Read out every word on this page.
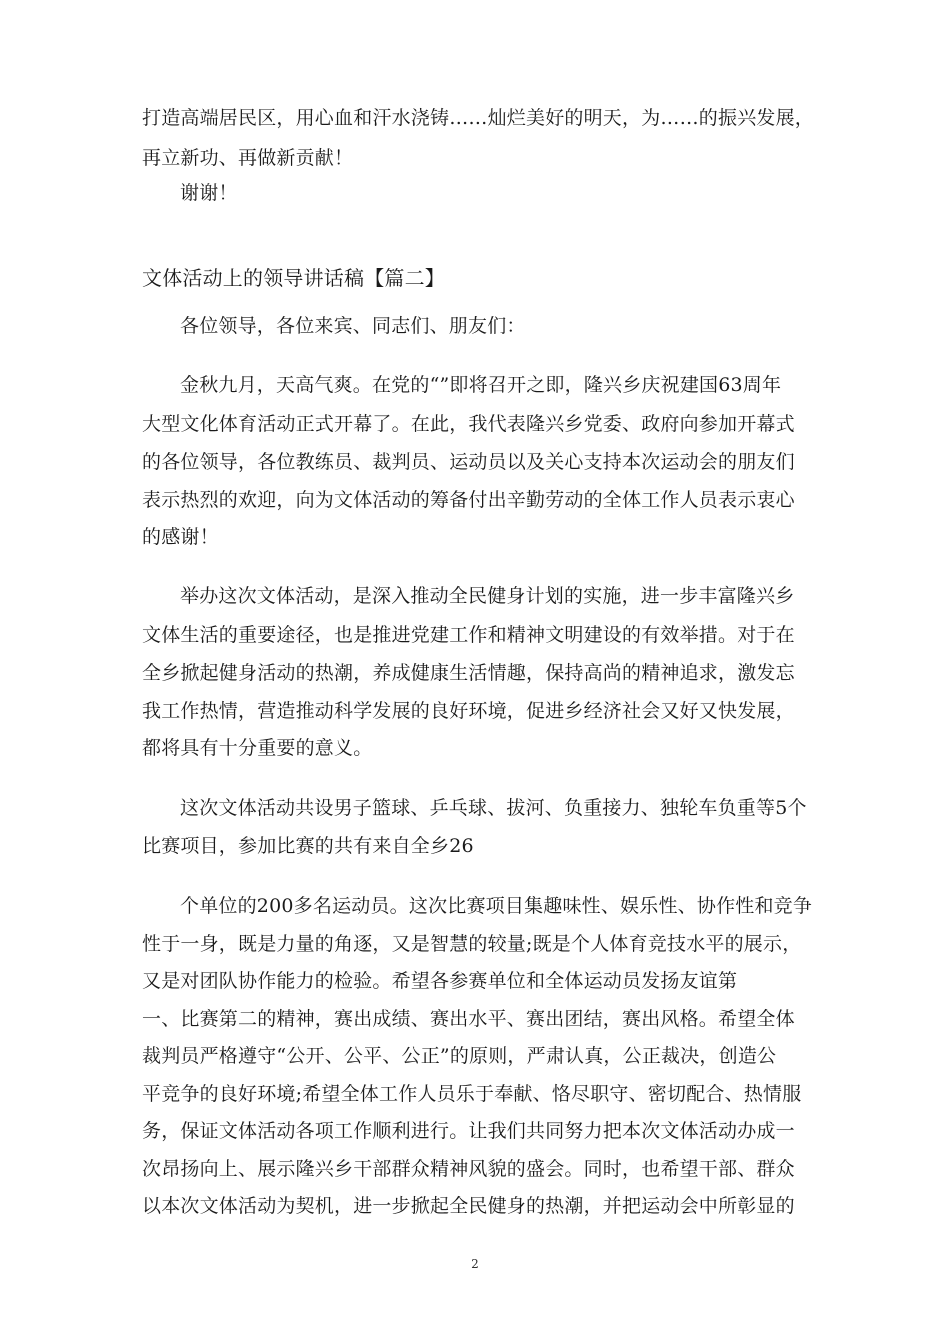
打造高端居民区，用心血和汗水浇铸……灿烂美好的明天，为……的振兴发展，
再立新功、再做新贡献！
谢谢！
文体活动上的领导讲话稿【篇二】
各位领导，各位来宾、同志们、朋友们：
金秋九月，天高气爽。在党的“”即将召开之即，隆兴乡庆祝建国63周年
大型文化体育活动正式开幕了。在此，我代表隆兴乡党委、政府向参加开幕式
的各位领导，各位教练员、裁判员、运动员以及关心支持本次运动会的朋友们
表示热烈的欢迎，向为文体活动的筹备付出辛勤劳动的全体工作人员表示衷心
的感谢！
举办这次文体活动，是深入推动全民健身计划的实施，进一步丰富隆兴乡
文体生活的重要途径，也是推进党建工作和精神文明建设的有效举措。对于在
全乡掀起健身活动的热潮，养成健康生活情趣，保持高尚的精神追求，激发忘
我工作热情，营造推动科学发展的良好环境，促进乡经济社会又好又快发展，
都将具有十分重要的意义。
这次文体活动共设男子篮球、乒乓球、拔河、负重接力、独轮车负重等5个
比赛项目，参加比赛的共有来自全乡26
个单位的200多名运动员。这次比赛项目集趣味性、娱乐性、协作性和竞争
性于一身，既是力量的角逐，又是智慧的较量;既是个人体育竞技水平的展示，
又是对团队协作能力的检验。希望各参赛单位和全体运动员发扬友谊第
一、比赛第二的精神，赛出成绩、赛出水平、赛出团结，赛出风格。希望全体
裁判员严格遵守“公开、公平、公正”的原则，严肃认真，公正裁决，创造公
平竞争的良好环境;希望全体工作人员乐于奉献、恪尽职守、密切配合、热情服
务，保证文体活动各项工作顺利进行。让我们共同努力把本次文体活动办成一
次昂扬向上、展示隆兴乡干部群众精神风貌的盛会。同时，也希望干部、群众
以本次文体活动为契机，进一步掀起全民健身的热潮，并把运动会中所彰显的
2
